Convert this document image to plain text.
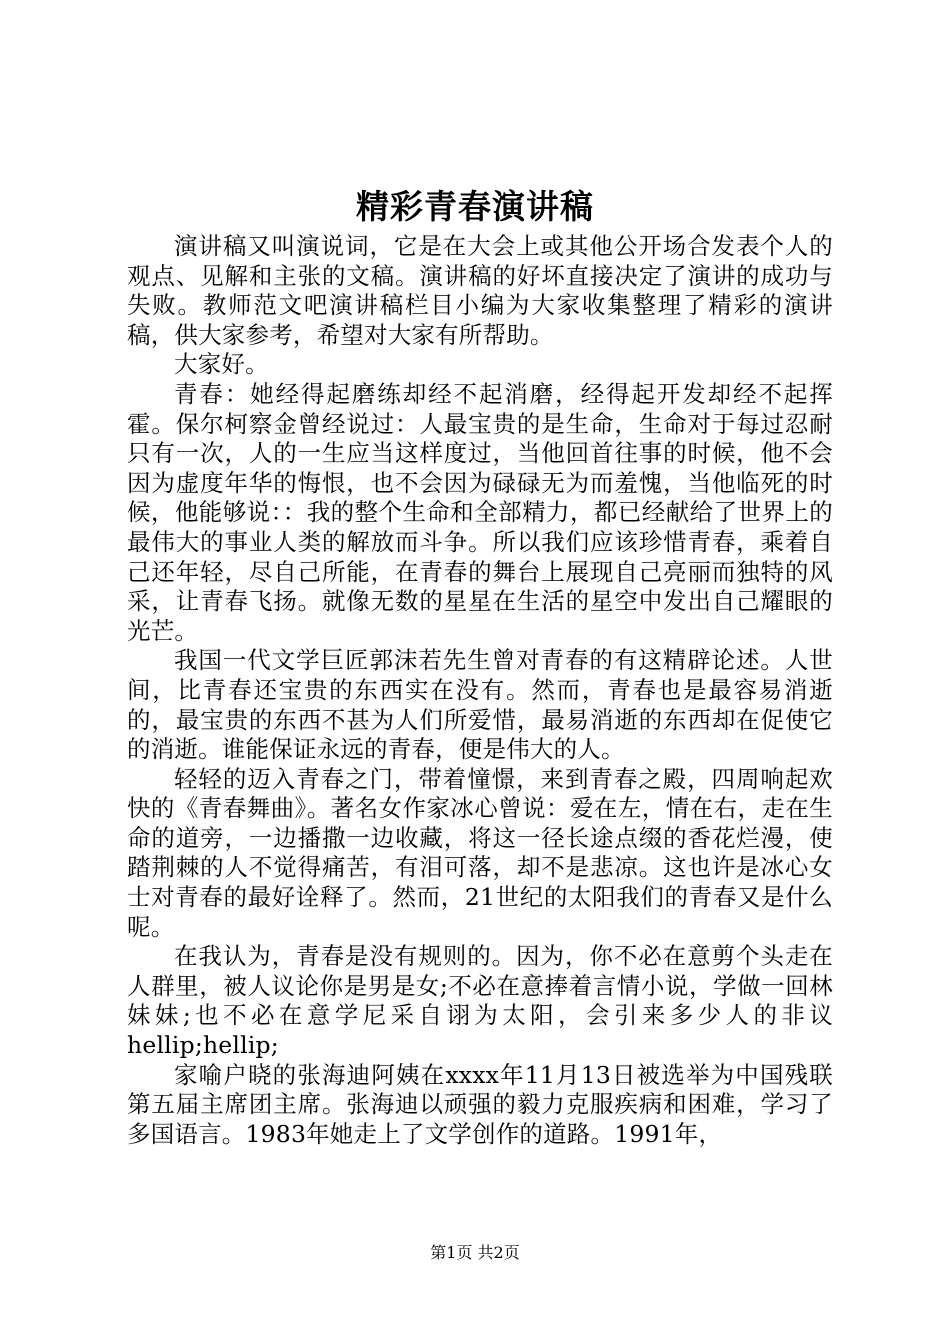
精彩青春演讲稿

演讲稿又叫演说词，它是在大会上或其他公开场合发表个人的观点、见解和主张的文稿。演讲稿的好坏直接决定了演讲的成功与失败。教师范文吧演讲稿栏目小编为大家收集整理了精彩的演讲稿，供大家参考，希望对大家有所帮助。

大家好。

青春：她经得起磨练却经不起消磨，经得起开发却经不起挥霍。保尔柯察金曾经说过：人最宝贵的是生命，生命对于每过忍耐只有一次，人的一生应当这样度过，当他回首往事的时候，他不会因为虚度年华的悔恨，也不会因为碌碌无为而羞愧，当他临死的时候，他能够说：：我的整个生命和全部精力，都已经献给了世界上的最伟大的事业人类的解放而斗争。所以我们应该珍惜青春，乘着自己还年轻，尽自己所能，在青春的舞台上展现自己亮丽而独特的风采，让青春飞扬。就像无数的星星在生活的星空中发出自己耀眼的光芒。

我国一代文学巨匠郭沫若先生曾对青春的有这精辟论述。人世间，比青春还宝贵的东西实在没有。然而，青春也是最容易消逝的，最宝贵的东西不甚为人们所爱惜，最易消逝的东西却在促使它的消逝。谁能保证永远的青春，便是伟大的人。

轻轻的迈入青春之门，带着憧憬，来到青春之殿，四周响起欢快的《青春舞曲》。著名女作家冰心曾说：爱在左，情在右，走在生命的道旁，一边播撒一边收藏，将这一径长途点缀的香花烂漫，使踏荆棘的人不觉得痛苦，有泪可落，却不是悲凉。这也许是冰心女士对青春的最好诠释了。然而，21世纪的太阳我们的青春又是什么呢。

在我认为，青春是没有规则的。因为，你不必在意剪个头走在人群里，被人议论你是男是女;不必在意捧着言情小说，学做一回林妹妹;也不必在意学尼采自诩为太阳，会引来多少人的非议hellip;hellip;

家喻户晓的张海迪阿姨在xxxx年11月13日被选举为中国残联第五届主席团主席。张海迪以顽强的毅力克服疾病和困难，学习了多国语言。1983年她走上了文学创作的道路。1991年，

第1页 共2页
